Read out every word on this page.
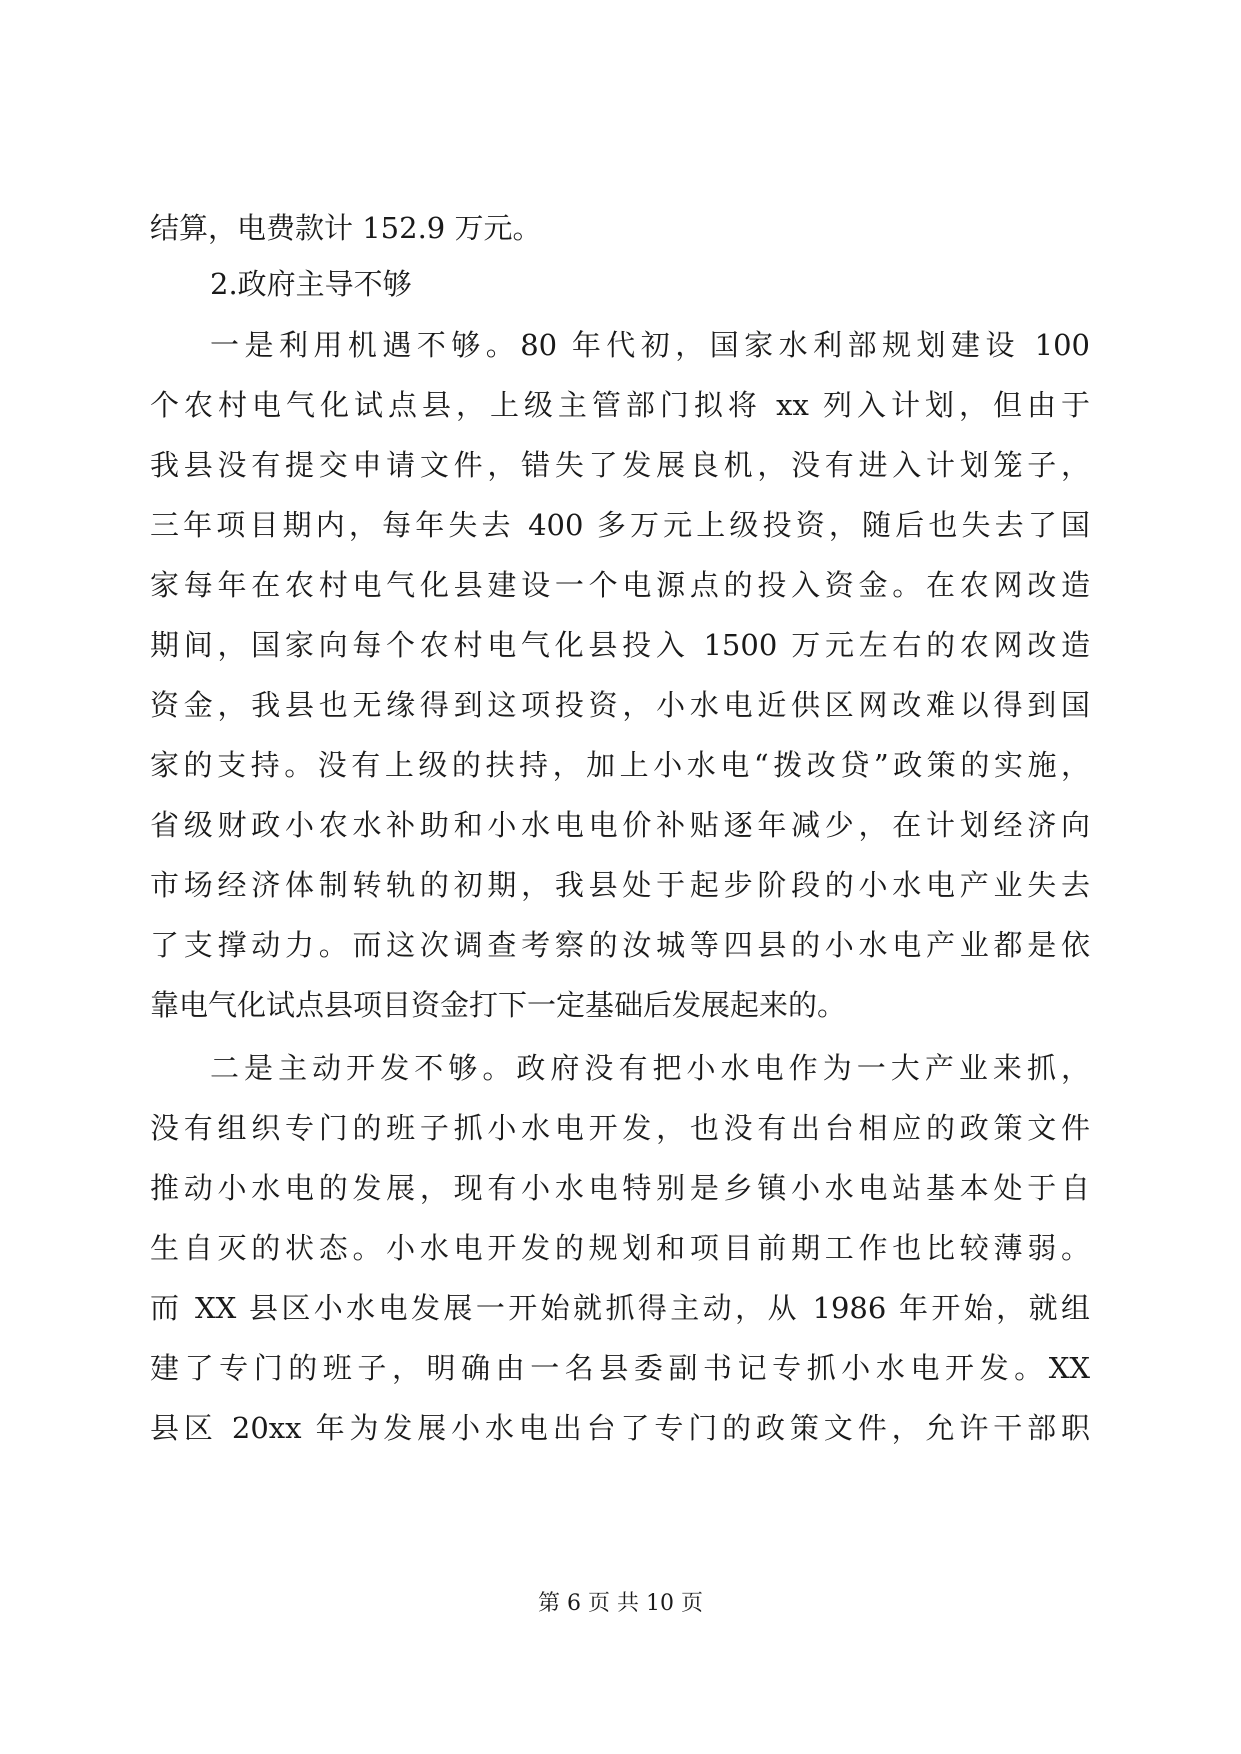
结算，电费款计 152.9 万元。
2.政府主导不够
一是利用机遇不够。80 年代初，国家水利部规划建设 100
个农村电气化试点县，上级主管部门拟将 xx 列入计划，但由于
我县没有提交申请文件，错失了发展良机，没有进入计划笼子，
三年项目期内，每年失去 400 多万元上级投资，随后也失去了国
家每年在农村电气化县建设一个电源点的投入资金。在农网改造
期间，国家向每个农村电气化县投入 1500 万元左右的农网改造
资金，我县也无缘得到这项投资，小水电近供区网改难以得到国
家的支持。没有上级的扶持，加上小水电“拨改贷”政策的实施，
省级财政小农水补助和小水电电价补贴逐年减少，在计划经济向
市场经济体制转轨的初期，我县处于起步阶段的小水电产业失去
了支撑动力。而这次调查考察的汝城等四县的小水电产业都是依
靠电气化试点县项目资金打下一定基础后发展起来的。
二是主动开发不够。政府没有把小水电作为一大产业来抓，
没有组织专门的班子抓小水电开发，也没有出台相应的政策文件
推动小水电的发展，现有小水电特别是乡镇小水电站基本处于自
生自灭的状态。小水电开发的规划和项目前期工作也比较薄弱。
而 XX 县区小水电发展一开始就抓得主动，从 1986 年开始，就组
建了专门的班子，明确由一名县委副书记专抓小水电开发。XX
县区 20xx 年为发展小水电出台了专门的政策文件，允许干部职
第 6 页 共 10 页
